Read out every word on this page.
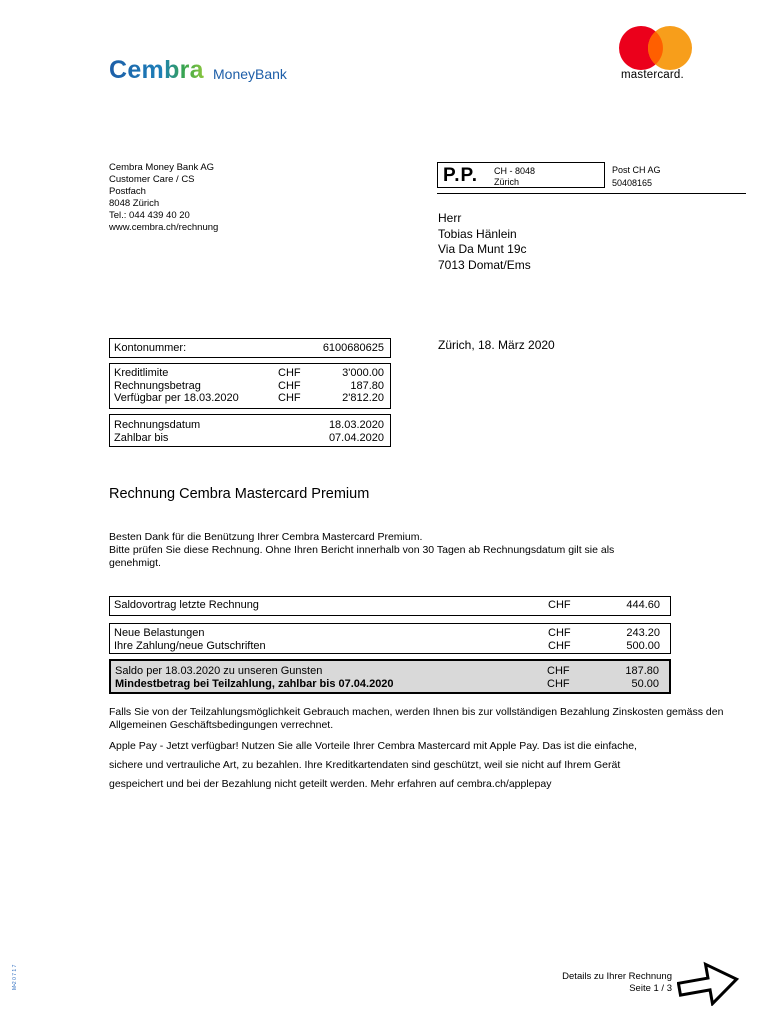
Cembra MoneyBank	mastercard.
Cembra Money Bank AG
Customer Care / CS
Postfach
8048 Zürich
Tel.: 044 439 40 20
www.cembra.ch/rechnung
P.P. CH - 8048
Zürich
Post CH AG
50408165
Herr
Tobias Hänlein
Via Da Munt 19c
7013 Domat/Ems
Zürich, 18. März 2020
Kontonummer:	6100680625
Kreditlimite	CHF	3'000.00
Rechnungsbetrag	CHF	187.80
Verfügbar per 18.03.2020	CHF	2'812.20
Rechnungsdatum	18.03.2020
Zahlbar bis	07.04.2020
Rechnung Cembra Mastercard Premium
Besten Dank für die Benützung Ihrer Cembra Mastercard Premium.
Bitte prüfen Sie diese Rechnung. Ohne Ihren Bericht innerhalb von 30 Tagen ab Rechnungsdatum gilt sie als genehmigt.
Saldovortrag letzte Rechnung	CHF	444.60
Neue Belastungen	CHF	243.20
Ihre Zahlung/neue Gutschriften	CHF	500.00
Saldo per 18.03.2020 zu unseren Gunsten	CHF	187.80
Mindestbetrag bei Teilzahlung, zahlbar bis 07.04.2020	CHF	50.00
Falls Sie von der Teilzahlungsmöglichkeit Gebrauch machen, werden Ihnen bis zur vollständigen Bezahlung Zinskosten gemäss den Allgemeinen Geschäftsbedingungen verrechnet.
Apple Pay - Jetzt verfügbar! Nutzen Sie alle Vorteile Ihrer Cembra Mastercard mit Apple Pay. Das ist die einfache,
sichere und vertrauliche Art, zu bezahlen. Ihre Kreditkartendaten sind geschützt, weil sie nicht auf Ihrem Gerät
gespeichert und bei der Bezahlung nicht geteilt werden. Mehr erfahren auf cembra.ch/applepay
M•2 0 7 1 7	Details zu Ihrer Rechnung
Seite 1 / 3
